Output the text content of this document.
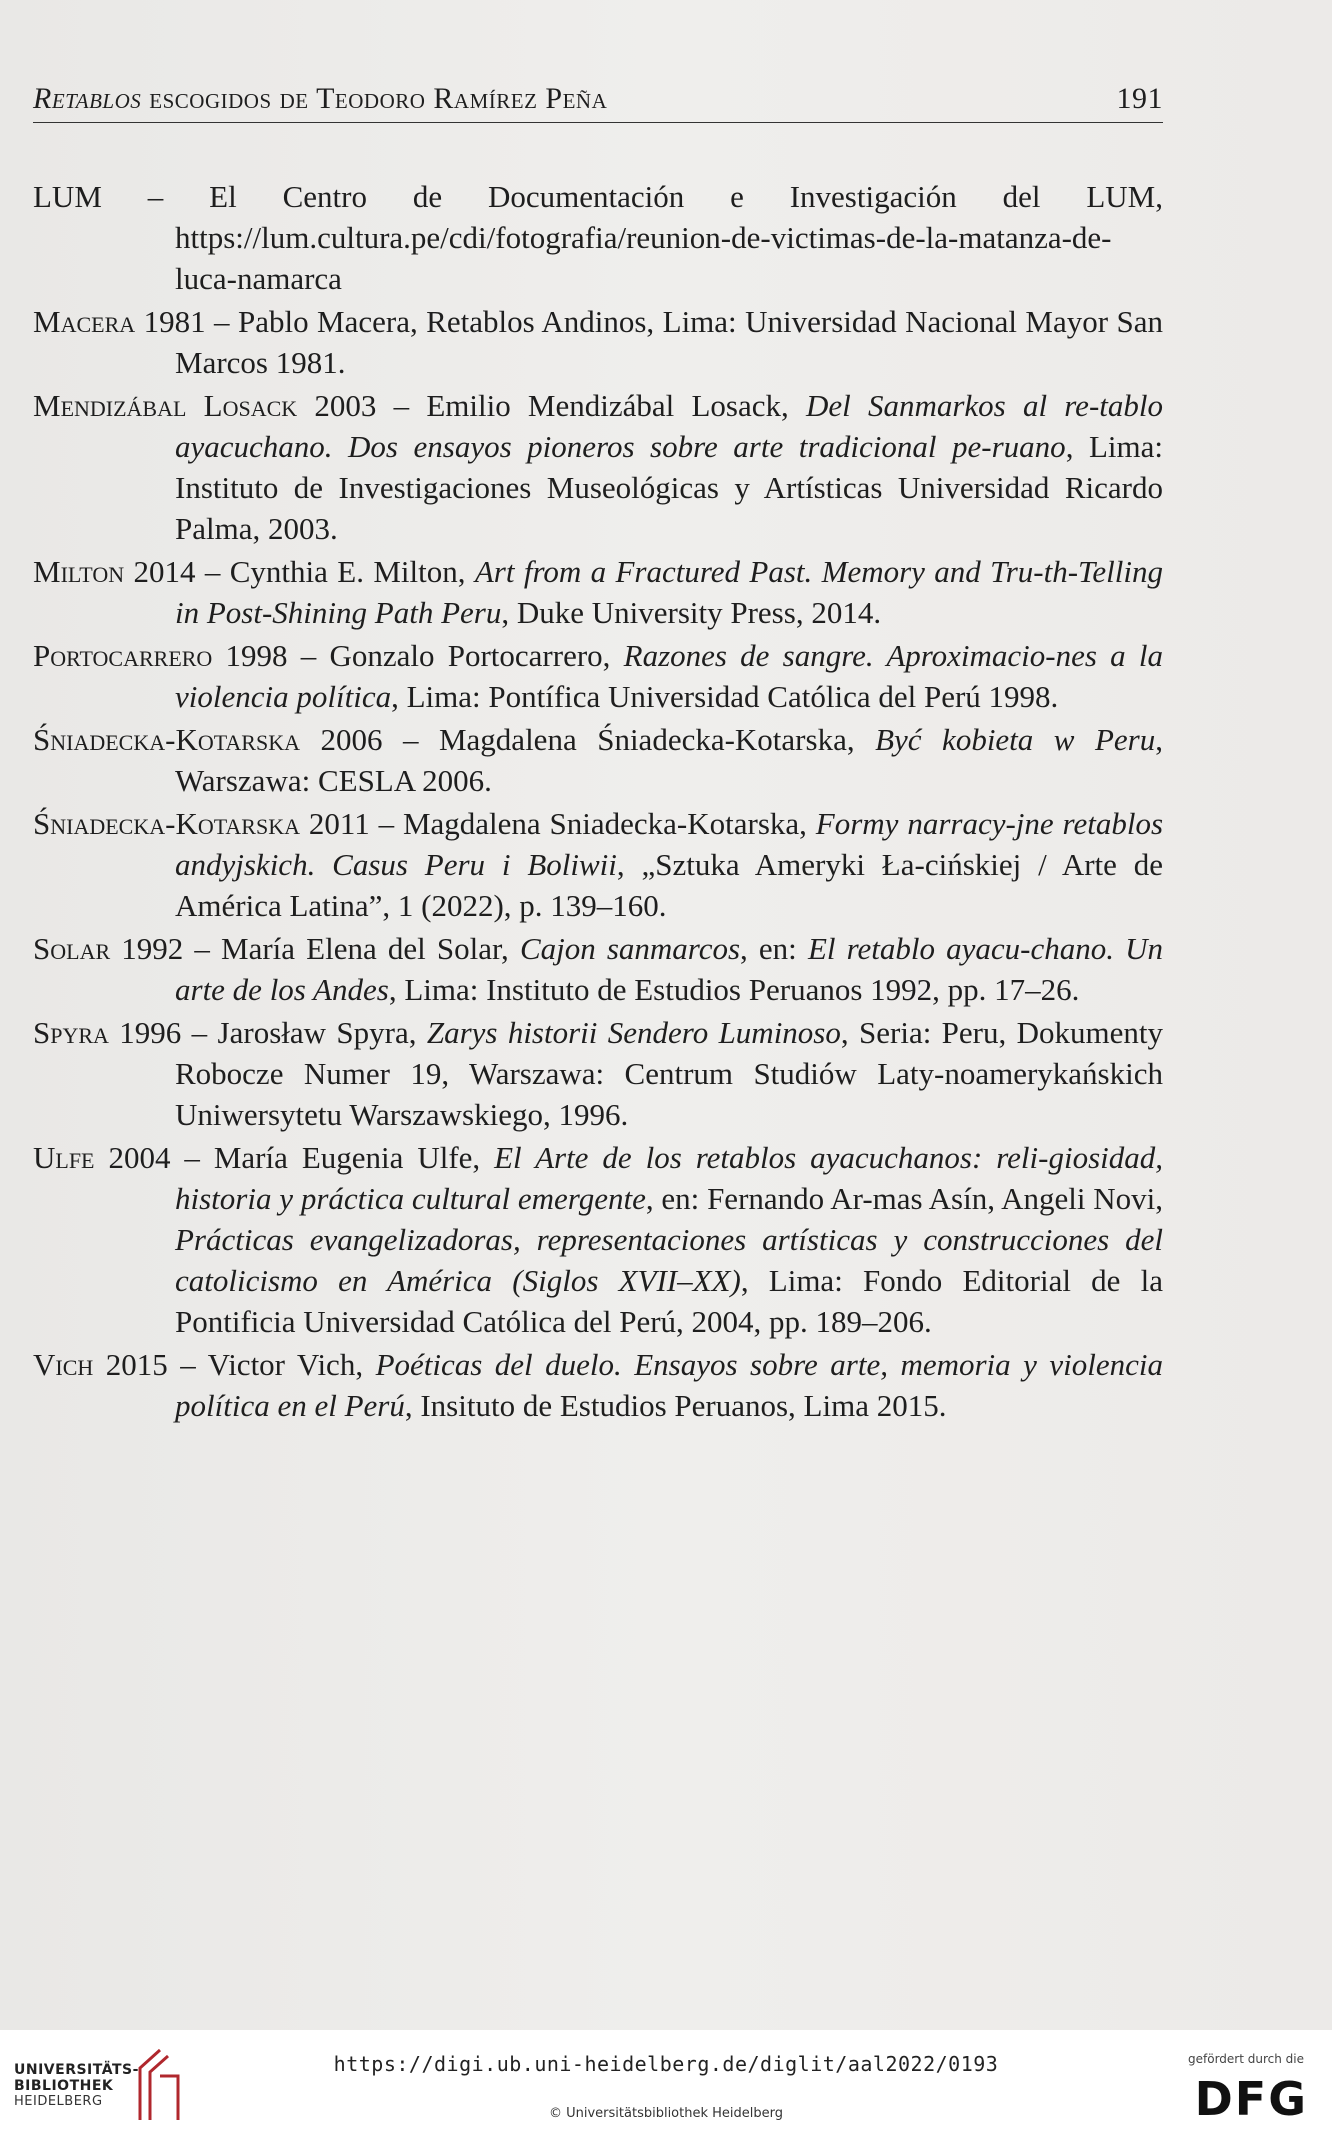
Retablos escogidos de Teodoro Ramírez Peña	191

LUM – El Centro de Documentación e Investigación del LUM, https://lum.cultura.pe/cdi/fotografia/reunion-de-victimas-de-la-matanza-de-luca-namarca

Macera 1981 – Pablo Macera, Retablos Andinos, Lima: Universidad Nacional Mayor San Marcos 1981.

Mendizábal Losack 2003 – Emilio Mendizábal Losack, Del Sanmarkos al re-tablo ayacuchano. Dos ensayos pioneros sobre arte tradicional pe-ruano, Lima: Instituto de Investigaciones Museológicas y Artísticas Universidad Ricardo Palma, 2003.

Milton 2014 – Cynthia E. Milton, Art from a Fractured Past. Memory and Tru-th-Telling in Post-Shining Path Peru, Duke University Press, 2014.

Portocarrero 1998 – Gonzalo Portocarrero, Razones de sangre. Aproximacio-nes a la violencia política, Lima: Pontífica Universidad Católica del Perú 1998.

Śniadecka-Kotarska 2006 – Magdalena Śniadecka-Kotarska, Być kobieta w Peru, Warszawa: CESLA 2006.

Śniadecka-Kotarska 2011 – Magdalena Sniadecka-Kotarska, Formy narracy-jne retablos andyjskich. Casus Peru i Boliwii, „Sztuka Ameryki Ła-cińskiej / Arte de América Latina”, 1 (2022), p. 139–160.

Solar 1992 – María Elena del Solar, Cajon sanmarcos, en: El retablo ayacu-chano. Un arte de los Andes, Lima: Instituto de Estudios Peruanos 1992, pp. 17–26.

Spyra 1996 – Jarosław Spyra, Zarys historii Sendero Luminoso, Seria: Peru, Dokumenty Robocze Numer 19, Warszawa: Centrum Studiów Laty-noamerykańskich Uniwersytetu Warszawskiego, 1996.

Ulfe 2004 – María Eugenia Ulfe, El Arte de los retablos ayacuchanos: reli-giosidad, historia y práctica cultural emergente, en: Fernando Ar-mas Asín, Angeli Novi, Prácticas evangelizadoras, representaciones artísticas y construcciones del catolicismo en América (Siglos XVII–XX), Lima: Fondo Editorial de la Pontificia Universidad Católica del Perú, 2004, pp. 189–206.

Vich 2015 – Victor Vich, Poéticas del duelo. Ensayos sobre arte, memoria y violencia política en el Perú, Insituto de Estudios Peruanos, Lima 2015.

UNIVERSITÄTS-
BIBLIOTHEK
HEIDELBERG
https://digi.ub.uni-heidelberg.de/diglit/aal2022/0193
© Universitätsbibliothek Heidelberg
gefördert durch die
DFG
